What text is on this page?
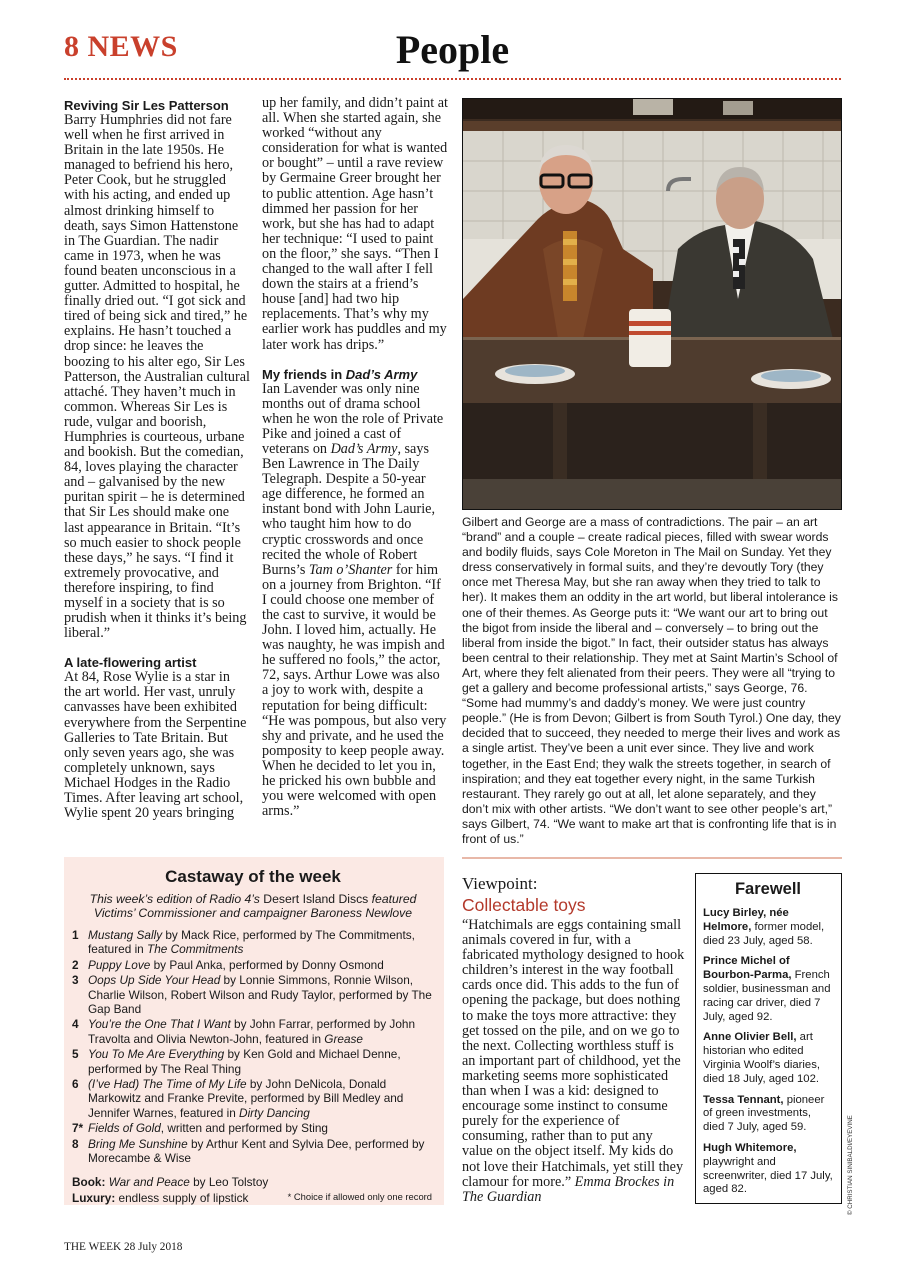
8 NEWS	People
Reviving Sir Les Patterson

Barry Humphries did not fare well when he first arrived in Britain in the late 1950s. He managed to befriend his hero, Peter Cook, but he struggled with his acting, and ended up almost drinking himself to death, says Simon Hattenstone in The Guardian. The nadir came in 1973, when he was found beaten unconscious in a gutter. Admitted to hospital, he finally dried out. “I got sick and tired of being sick and tired,” he explains. He hasn’t touched a drop since: he leaves the boozing to his alter ego, Sir Les Patterson, the Australian cultural attaché. They haven’t much in common. Whereas Sir Les is rude, vulgar and boorish, Humphries is courteous, urbane and bookish. But the comedian, 84, loves playing the character and – galvanised by the new puritan spirit – he is determined that Sir Les should make one last appearance in Britain. “It’s so much easier to shock people these days,” he says. “I find it extremely provocative, and therefore inspiring, to find myself in a society that is so prudish when it thinks it’s being liberal.”

A late-flowering artist

At 84, Rose Wylie is a star in the art world. Her vast, unruly canvasses have been exhibited everywhere from the Serpentine Galleries to Tate Britain. But only seven years ago, she was completely unknown, says Michael Hodges in the Radio Times. After leaving art school, Wylie spent 20 years bringing

up her family, and didn’t paint at all. When she started again, she worked “without any consideration for what is wanted or bought” – until a rave review by Germaine Greer brought her to public attention. Age hasn’t dimmed her passion for her work, but she has had to adapt her technique: “I used to paint on the floor,” she says. “Then I changed to the wall after I fell down the stairs at a friend’s house [and] had two hip replacements. That’s why my earlier work has puddles and my later work has drips.”

My friends in Dad’s Army

Ian Lavender was only nine months out of drama school when he won the role of Private Pike and joined a cast of veterans on Dad’s Army, says Ben Lawrence in The Daily Telegraph. Despite a 50-year age difference, he formed an instant bond with John Laurie, who taught him how to do cryptic crosswords and once recited the whole of Robert Burns’s Tam o’Shanter for him on a journey from Brighton. “If I could choose one member of the cast to survive, it would be John. I loved him, actually. He was naughty, he was impish and he suffered no fools,” the actor, 72, says. Arthur Lowe was also a joy to work with, despite a reputation for being difficult: “He was pompous, but also very shy and private, and he used the pomposity to keep people away. When he decided to let you in, he pricked his own bubble and you were welcomed with open arms.”

Gilbert and George are a mass of contradictions. The pair – an art “brand” and a couple – create radical pieces, filled with swear words and bodily fluids, says Cole Moreton in The Mail on Sunday. Yet they dress conservatively in formal suits, and they’re devoutly Tory (they once met Theresa May, but she ran away when they tried to talk to her). It makes them an oddity in the art world, but liberal intolerance is one of their themes. As George puts it: “We want our art to bring out the bigot from inside the liberal and – conversely – to bring out the liberal from inside the bigot.” In fact, their outsider status has always been central to their relationship. They met at Saint Martin’s School of Art, where they felt alienated from their peers. They were all “trying to get a gallery and become professional artists,” says George, 76. “Some had mummy’s and daddy’s money. We were just country people.” (He is from Devon; Gilbert is from South Tyrol.) One day, they decided that to succeed, they needed to merge their lives and work as a single artist. They’ve been a unit ever since. They live and work together, in the East End; they walk the streets together, in search of inspiration; and they eat together every night, in the same Turkish restaurant. They rarely go out at all, let alone separately, and they don’t mix with other artists. “We don’t want to see other people’s art,” says Gilbert, 74. “We want to make art that is confronting life that is in front of us.”

Castaway of the week

This week’s edition of Radio 4’s Desert Island Discs featured Victims’ Commissioner and campaigner Baroness Newlove

1 Mustang Sally by Mack Rice, performed by The Commitments, featured in The Commitments
2 Puppy Love by Paul Anka, performed by Donny Osmond
3 Oops Up Side Your Head by Lonnie Simmons, Ronnie Wilson, Charlie Wilson, Robert Wilson and Rudy Taylor, performed by The Gap Band
4 You’re the One That I Want by John Farrar, performed by John Travolta and Olivia Newton-John, featured in Grease
5 You To Me Are Everything by Ken Gold and Michael Denne, performed by The Real Thing
6 (I’ve Had) The Time of My Life by John DeNicola, Donald Markowitz and Franke Previte, performed by Bill Medley and Jennifer Warnes, featured in Dirty Dancing
7* Fields of Gold, written and performed by Sting
8 Bring Me Sunshine by Arthur Kent and Sylvia Dee, performed by Morecambe & Wise
Book: War and Peace by Leo Tolstoy
Luxury: endless supply of lipstick	* Choice if allowed only one record
Viewpoint:
Collectable toys

“Hatchimals are eggs containing small animals covered in fur, with a fabricated mythology designed to hook children’s interest in the way football cards once did. This adds to the fun of opening the package, but does nothing to make the toys more attractive: they get tossed on the pile, and on we go to the next. Collecting worthless stuff is an important part of childhood, yet the marketing seems more sophisticated than when I was a kid: designed to encourage some instinct to consume purely for the experience of consuming, rather than to put any value on the object itself. My kids do not love their Hatchimals, yet still they clamour for more.” Emma Brockes in The Guardian

Farewell
Lucy Birley, née Helmore, former model, died 23 July, aged 58.
Prince Michel of Bourbon-Parma, French soldier, businessman and racing car driver, died 7 July, aged 92.
Anne Olivier Bell, art historian who edited Virginia Woolf’s diaries, died 18 July, aged 102.
Tessa Tennant, pioneer of green investments, died 7 July, aged 59.
Hugh Whitemore, playwright and screenwriter, died 17 July, aged 82.	© CHRISTIAN SINIBALDI/EYEVINE
THE WEEK 28 July 2018
